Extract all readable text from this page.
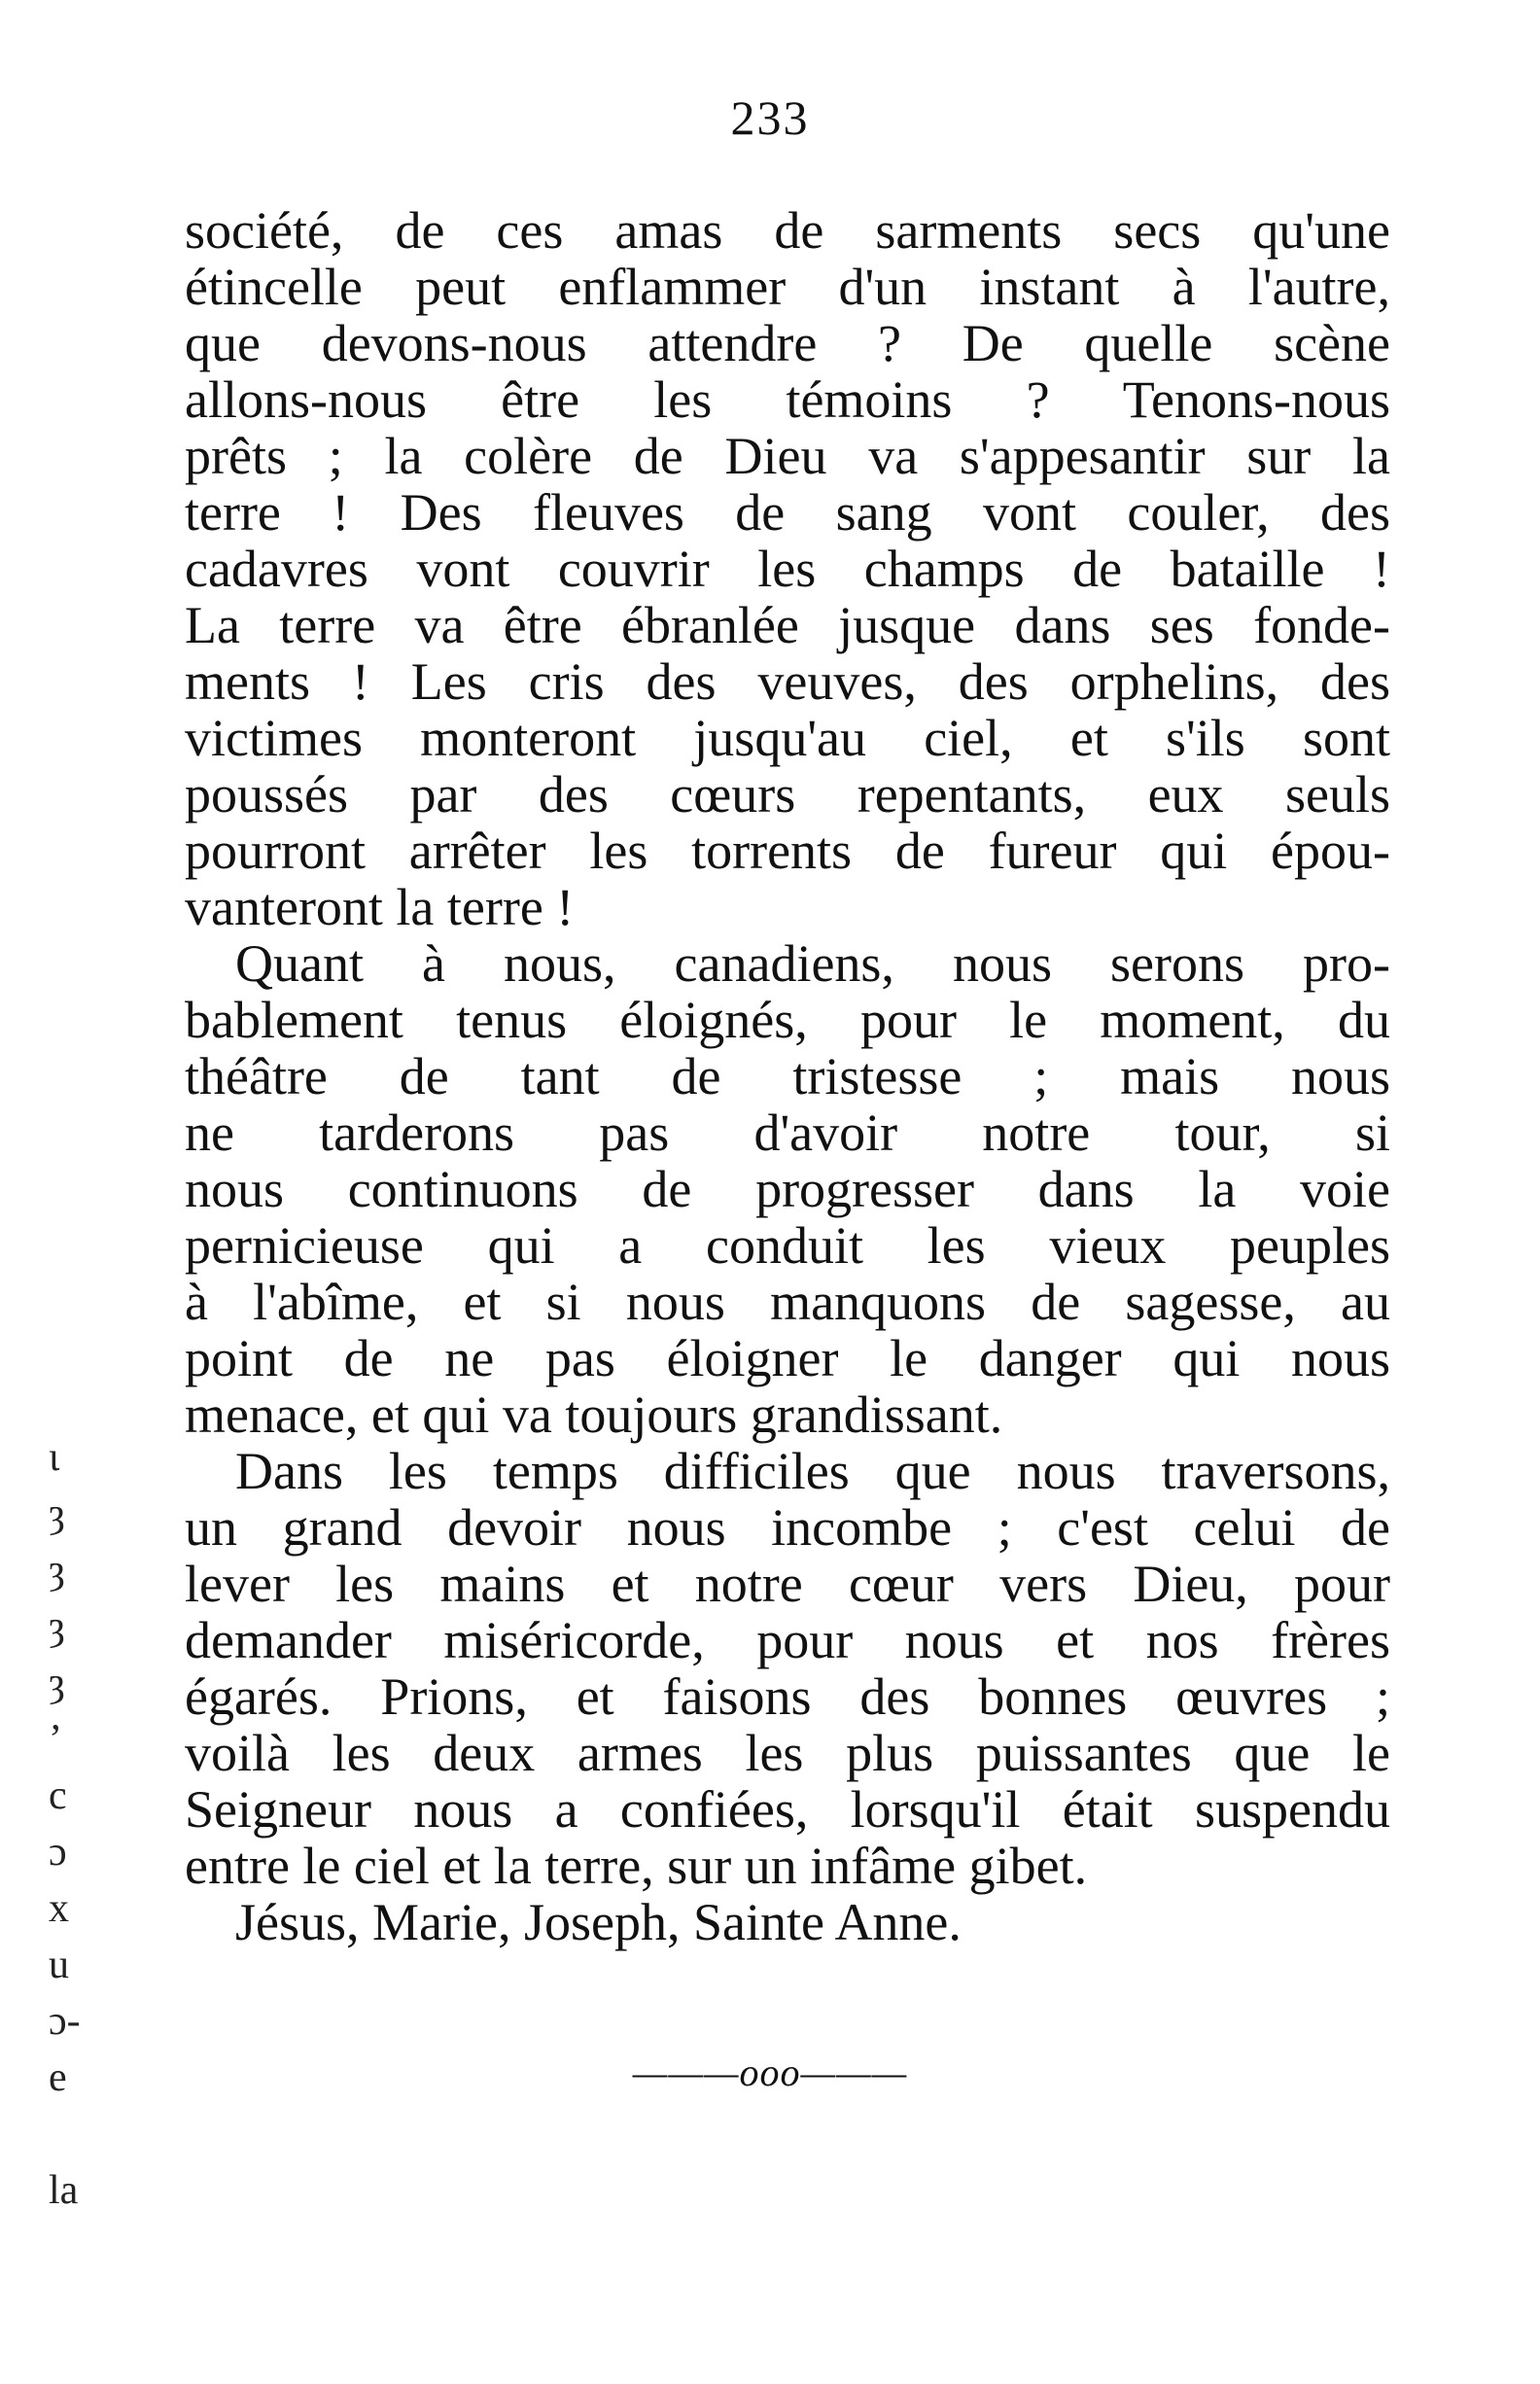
233
société, de ces amas de sarments secs qu'une
étincelle peut enflammer d'un instant à l'autre,
que devons-nous attendre ? De quelle scène
allons-nous être les témoins ? Tenons-nous
prêts ; la colère de Dieu va s'appesantir sur la
terre ! Des fleuves de sang vont couler, des
cadavres vont couvrir les champs de bataille !
La terre va être ébranlée jusque dans ses fonde-
ments ! Les cris des veuves, des orphelins, des
victimes monteront jusqu'au ciel, et s'ils sont
poussés par des cœurs repentants, eux seuls
pourront arrêter les torrents de fureur qui épou-
vanteront la terre !
Quant à nous, canadiens, nous serons pro-
bablement tenus éloignés, pour le moment, du
théâtre de tant de tristesse ; mais nous
ne tarderons pas d'avoir notre tour, si
nous continuons de progresser dans la voie
pernicieuse qui a conduit les vieux peuples
à l'abîme, et si nous manquons de sagesse, au
point de ne pas éloigner le danger qui nous
menace, et qui va toujours grandissant.
Dans les temps difficiles que nous traversons,
un grand devoir nous incombe ; c'est celui de
lever les mains et notre cœur vers Dieu, pour
demander miséricorde, pour nous et nos frères
égarés. Prions, et faisons des bonnes œuvres ;
voilà les deux armes les plus puissantes que le
Seigneur nous a confiées, lorsqu'il était suspendu
entre le ciel et la terre, sur un infâme gibet.
Jésus, Marie, Joseph, Sainte Anne.
———ooo———
ɩ
ȝ
ȝ
ȝ
ȝ
ʼ
c
ɔ
x
u
ɔ-
e
la
